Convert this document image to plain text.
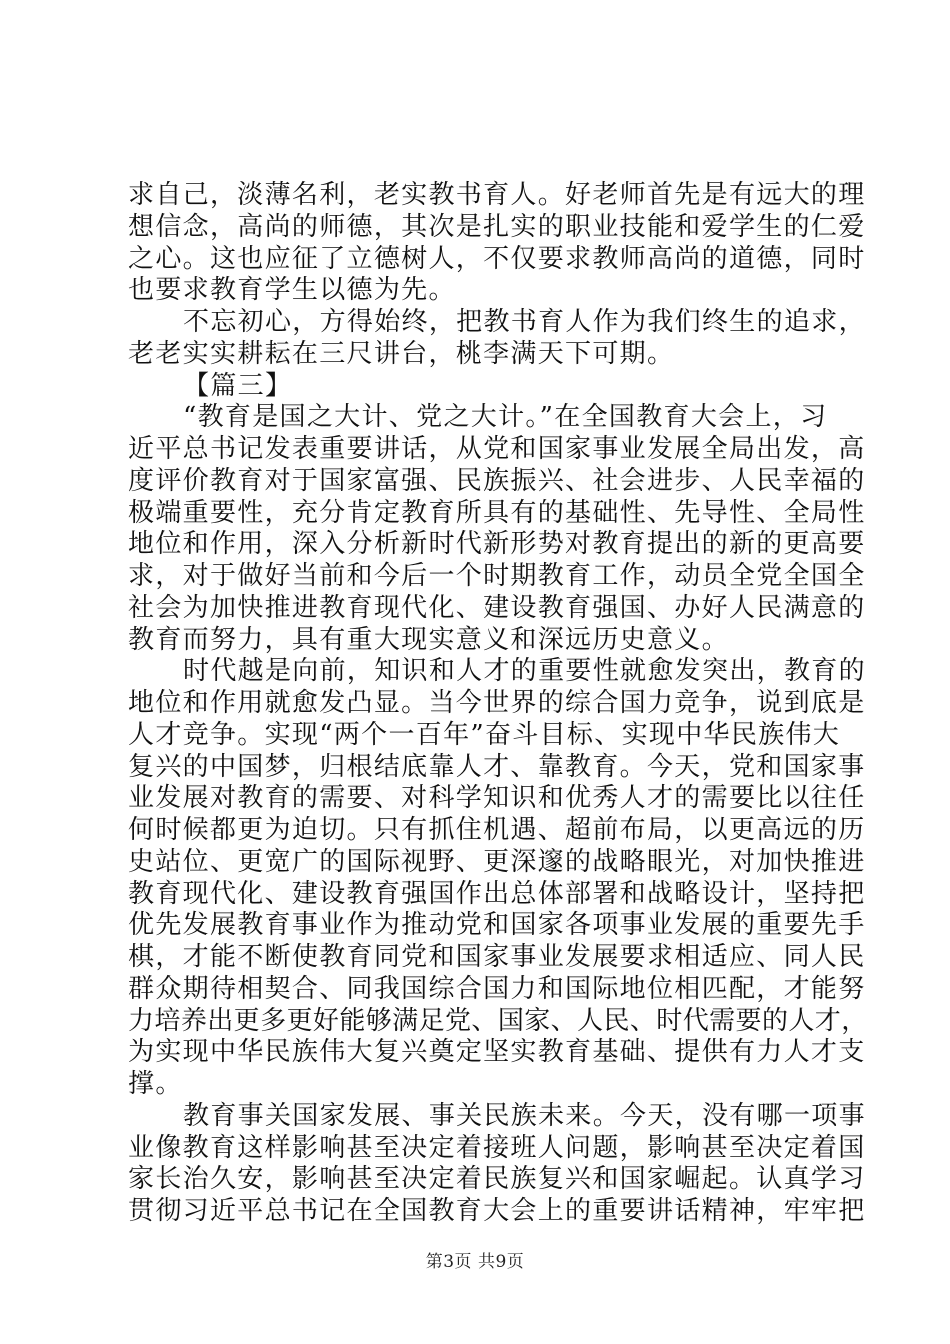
求自己，淡薄名利，老实教书育人。好老师首先是有远大的理
想信念，高尚的师德，其次是扎实的职业技能和爱学生的仁爱
之心。这也应征了立德树人，不仅要求教师高尚的道德，同时
也要求教育学生以德为先。
不忘初心，方得始终，把教书育人作为我们终生的追求，
老老实实耕耘在三尺讲台，桃李满天下可期。
【篇三】
“教育是国之大计、党之大计。”在全国教育大会上，习
近平总书记发表重要讲话，从党和国家事业发展全局出发，高
度评价教育对于国家富强、民族振兴、社会进步、人民幸福的
极端重要性，充分肯定教育所具有的基础性、先导性、全局性
地位和作用，深入分析新时代新形势对教育提出的新的更高要
求，对于做好当前和今后一个时期教育工作，动员全党全国全
社会为加快推进教育现代化、建设教育强国、办好人民满意的
教育而努力，具有重大现实意义和深远历史意义。
时代越是向前，知识和人才的重要性就愈发突出，教育的
地位和作用就愈发凸显。当今世界的综合国力竞争，说到底是
人才竞争。实现“两个一百年”奋斗目标、实现中华民族伟大
复兴的中国梦，归根结底靠人才、靠教育。今天，党和国家事
业发展对教育的需要、对科学知识和优秀人才的需要比以往任
何时候都更为迫切。只有抓住机遇、超前布局，以更高远的历
史站位、更宽广的国际视野、更深邃的战略眼光，对加快推进
教育现代化、建设教育强国作出总体部署和战略设计，坚持把
优先发展教育事业作为推动党和国家各项事业发展的重要先手
棋，才能不断使教育同党和国家事业发展要求相适应、同人民
群众期待相契合、同我国综合国力和国际地位相匹配，才能努
力培养出更多更好能够满足党、国家、人民、时代需要的人才，
为实现中华民族伟大复兴奠定坚实教育基础、提供有力人才支
撑。
教育事关国家发展、事关民族未来。今天，没有哪一项事
业像教育这样影响甚至决定着接班人问题，影响甚至决定着国
家长治久安，影响甚至决定着民族复兴和国家崛起。认真学习
贯彻习近平总书记在全国教育大会上的重要讲话精神，牢牢把
第3页 共9页
